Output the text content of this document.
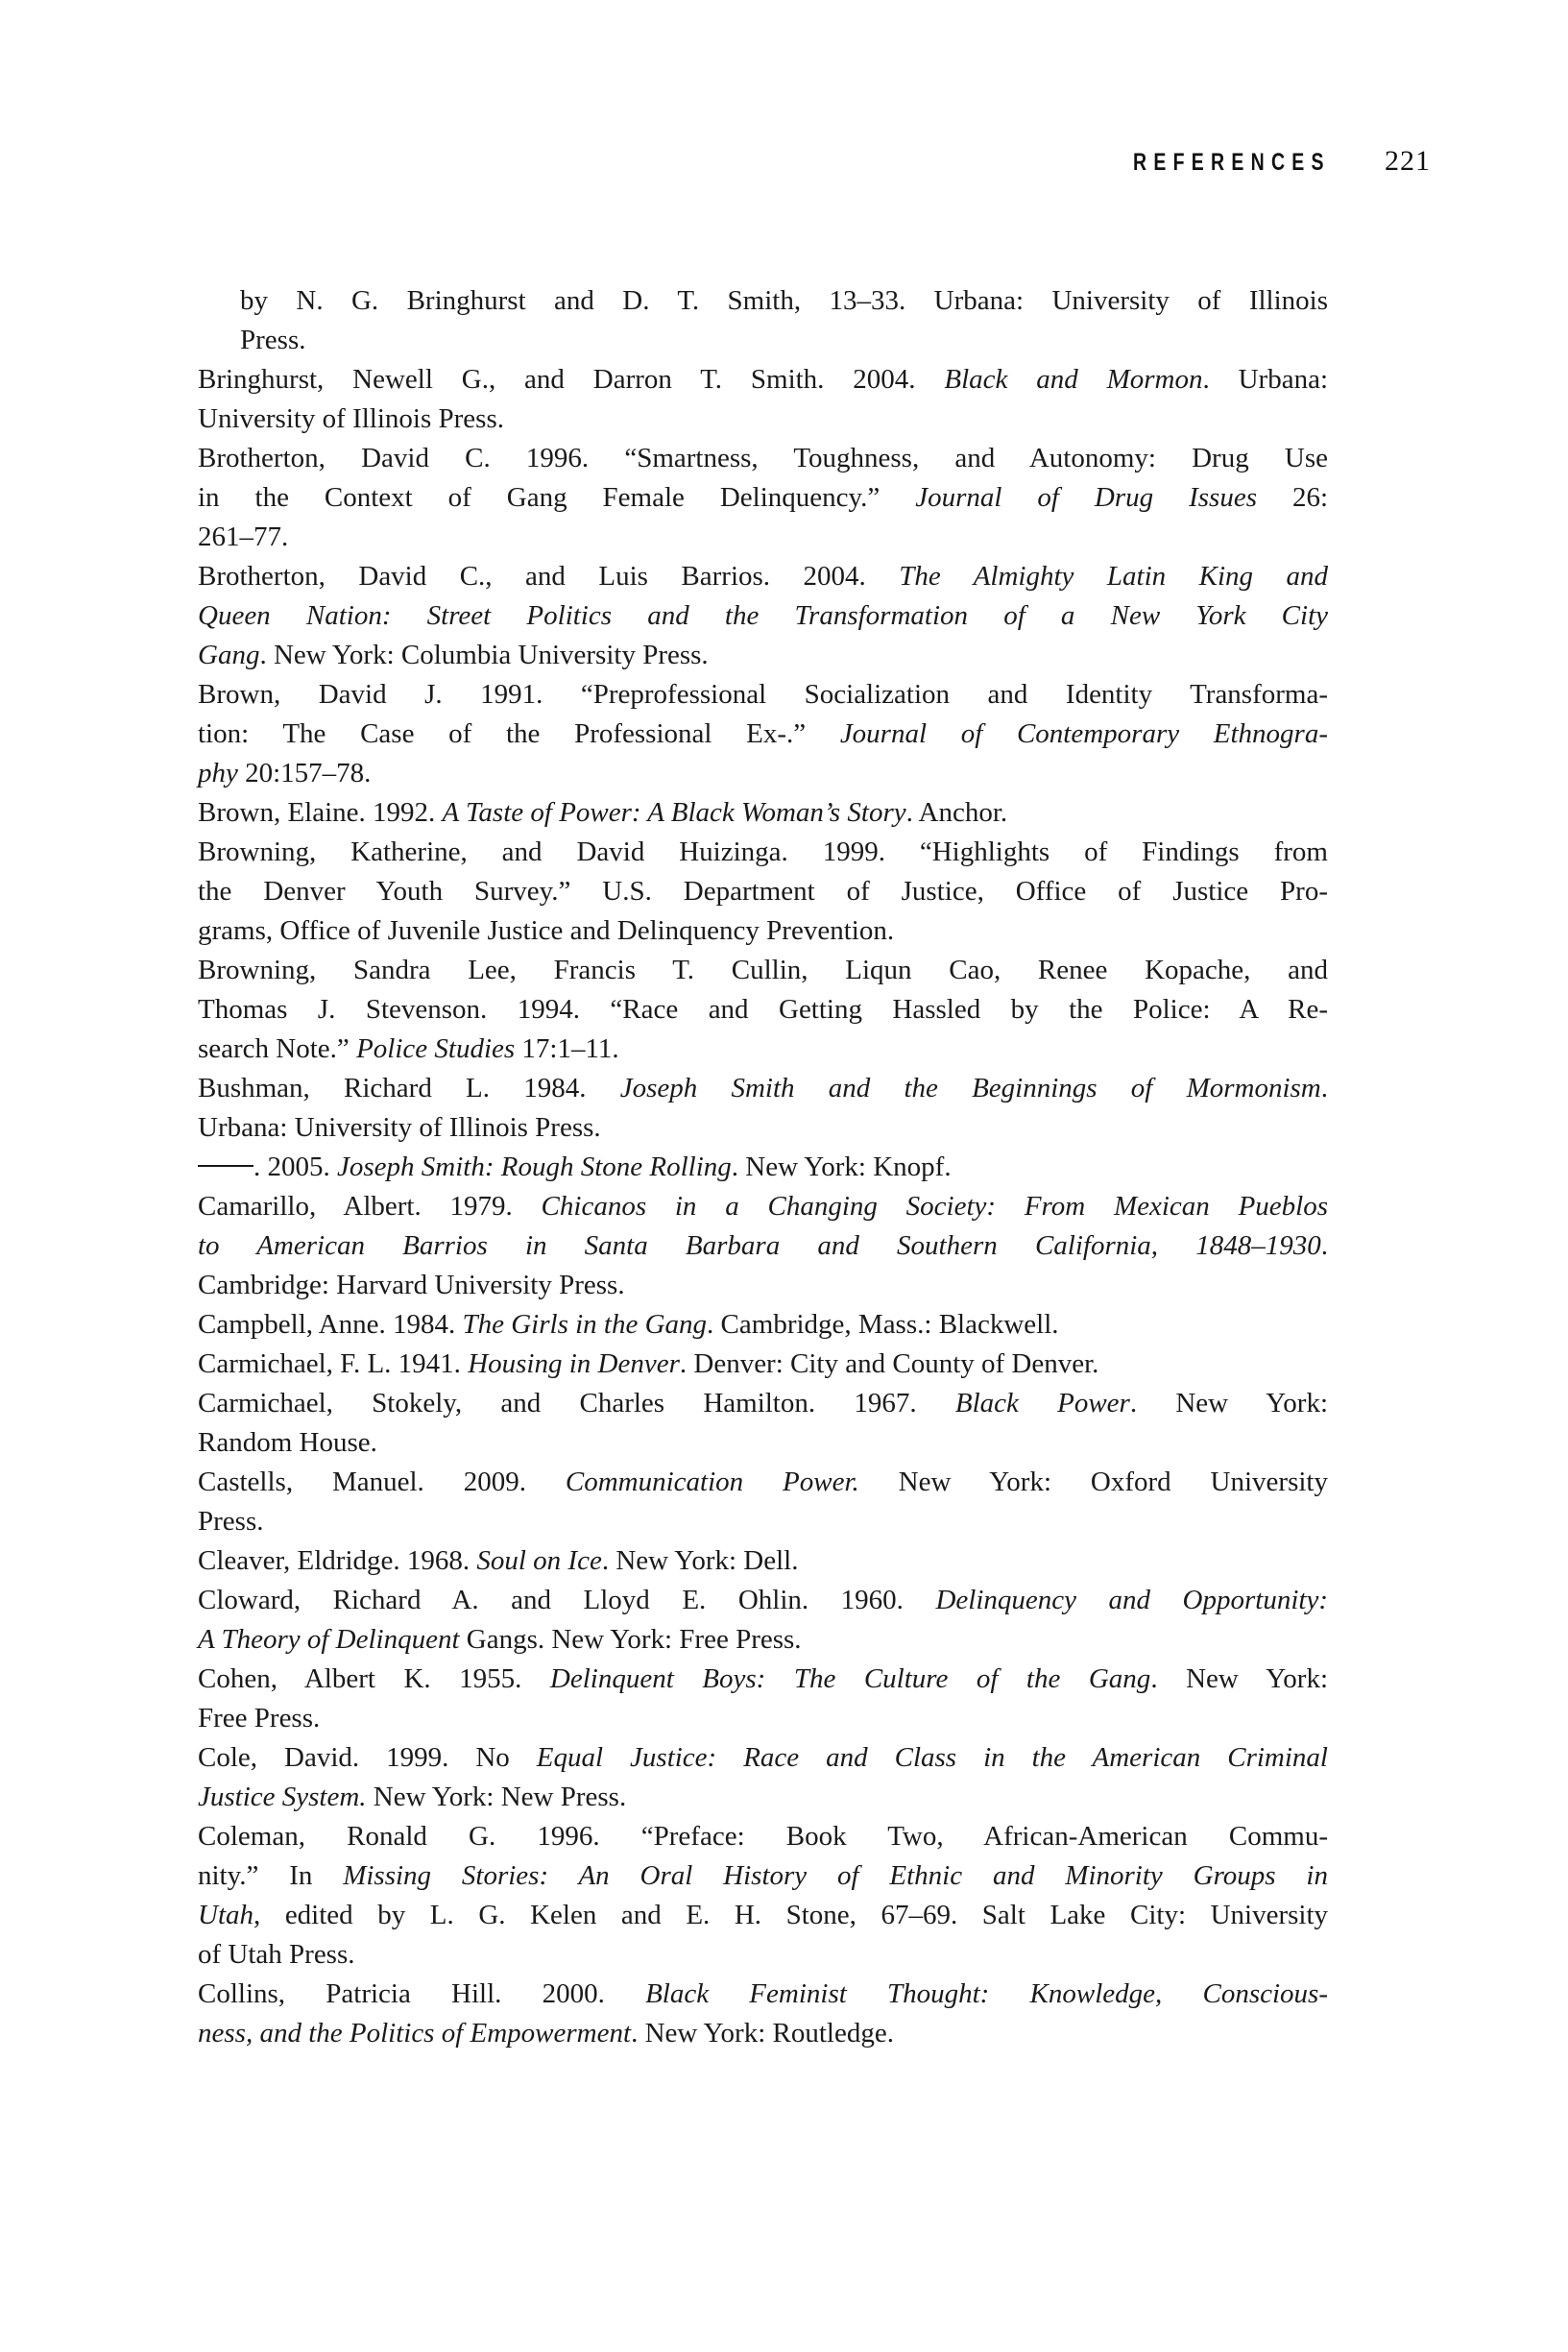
REFERENCES 221
by N. G. Bringhurst and D. T. Smith, 13–33. Urbana: University of Illinois
Press.
Bringhurst, Newell G., and Darron T. Smith. 2004. Black and Mormon. Urbana:
University of Illinois Press.
Brotherton, David C. 1996. “Smartness, Toughness, and Autonomy: Drug Use
in the Context of Gang Female Delinquency.” Journal of Drug Issues 26:
261–77.
Brotherton, David C., and Luis Barrios. 2004. The Almighty Latin King and
Queen Nation: Street Politics and the Transformation of a New York City
Gang. New York: Columbia University Press.
Brown, David J. 1991. “Preprofessional Socialization and Identity Transforma-
tion: The Case of the Professional Ex-.” Journal of Contemporary Ethnogra-
phy 20:157–78.
Brown, Elaine. 1992. A Taste of Power: A Black Woman’s Story. Anchor.
Browning, Katherine, and David Huizinga. 1999. “Highlights of Findings from
the Denver Youth Survey.” U.S. Department of Justice, Office of Justice Pro-
grams, Office of Juvenile Justice and Delinquency Prevention.
Browning, Sandra Lee, Francis T. Cullin, Liqun Cao, Renee Kopache, and
Thomas J. Stevenson. 1994. “Race and Getting Hassled by the Police: A Re-
search Note.” Police Studies 17:1–11.
Bushman, Richard L. 1984. Joseph Smith and the Beginnings of Mormonism.
Urbana: University of Illinois Press.
. 2005. Joseph Smith: Rough Stone Rolling. New York: Knopf.
Camarillo, Albert. 1979. Chicanos in a Changing Society: From Mexican Pueblos
to American Barrios in Santa Barbara and Southern California, 1848–1930.
Cambridge: Harvard University Press.
Campbell, Anne. 1984. The Girls in the Gang. Cambridge, Mass.: Blackwell.
Carmichael, F. L. 1941. Housing in Denver. Denver: City and County of Denver.
Carmichael, Stokely, and Charles Hamilton. 1967. Black Power. New York:
Random House.
Castells, Manuel. 2009. Communication Power. New York: Oxford University
Press.
Cleaver, Eldridge. 1968. Soul on Ice. New York: Dell.
Cloward, Richard A. and Lloyd E. Ohlin. 1960. Delinquency and Opportunity:
A Theory of Delinquent Gangs. New York: Free Press.
Cohen, Albert K. 1955. Delinquent Boys: The Culture of the Gang. New York:
Free Press.
Cole, David. 1999. No Equal Justice: Race and Class in the American Criminal
Justice System. New York: New Press.
Coleman, Ronald G. 1996. “Preface: Book Two, African-American Commu-
nity.” In Missing Stories: An Oral History of Ethnic and Minority Groups in
Utah, edited by L. G. Kelen and E. H. Stone, 67–69. Salt Lake City: University
of Utah Press.
Collins, Patricia Hill. 2000. Black Feminist Thought: Knowledge, Conscious-
ness, and the Politics of Empowerment. New York: Routledge.
